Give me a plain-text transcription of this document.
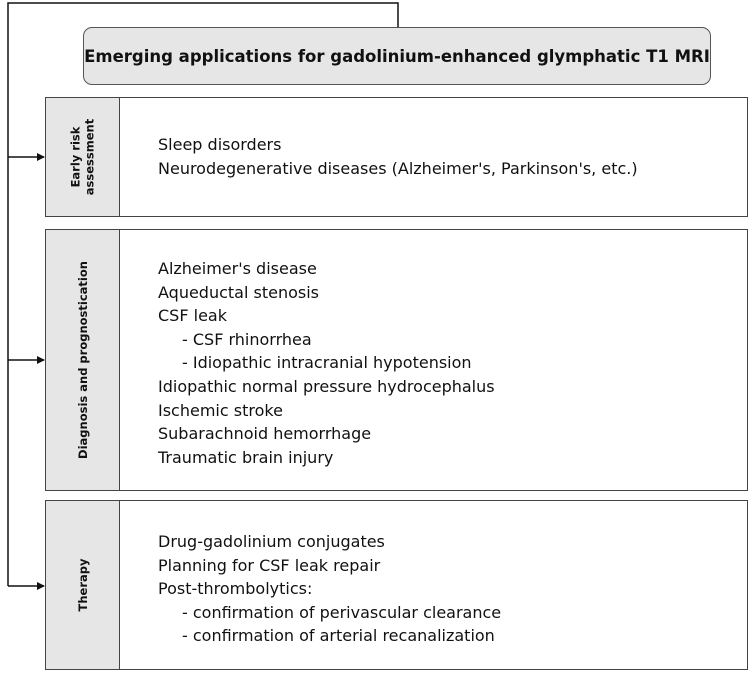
Emerging applications for gadolinium-enhanced glymphatic T1 MRI
Early risk assessment	Sleep disorders
Neurodegenerative diseases (Alzheimer's, Parkinson's, etc.)
Diagnosis and prognostication	Alzheimer's disease
Aqueductal stenosis
CSF leak
- CSF rhinorrhea
- Idiopathic intracranial hypotension
Idiopathic normal pressure hydrocephalus
Ischemic stroke
Subarachnoid hemorrhage
Traumatic brain injury
Therapy
Drug-gadolinium conjugates
Planning for CSF leak repair
Post-thrombolytics:
- confirmation of perivascular clearance
- confirmation of arterial recanalization
